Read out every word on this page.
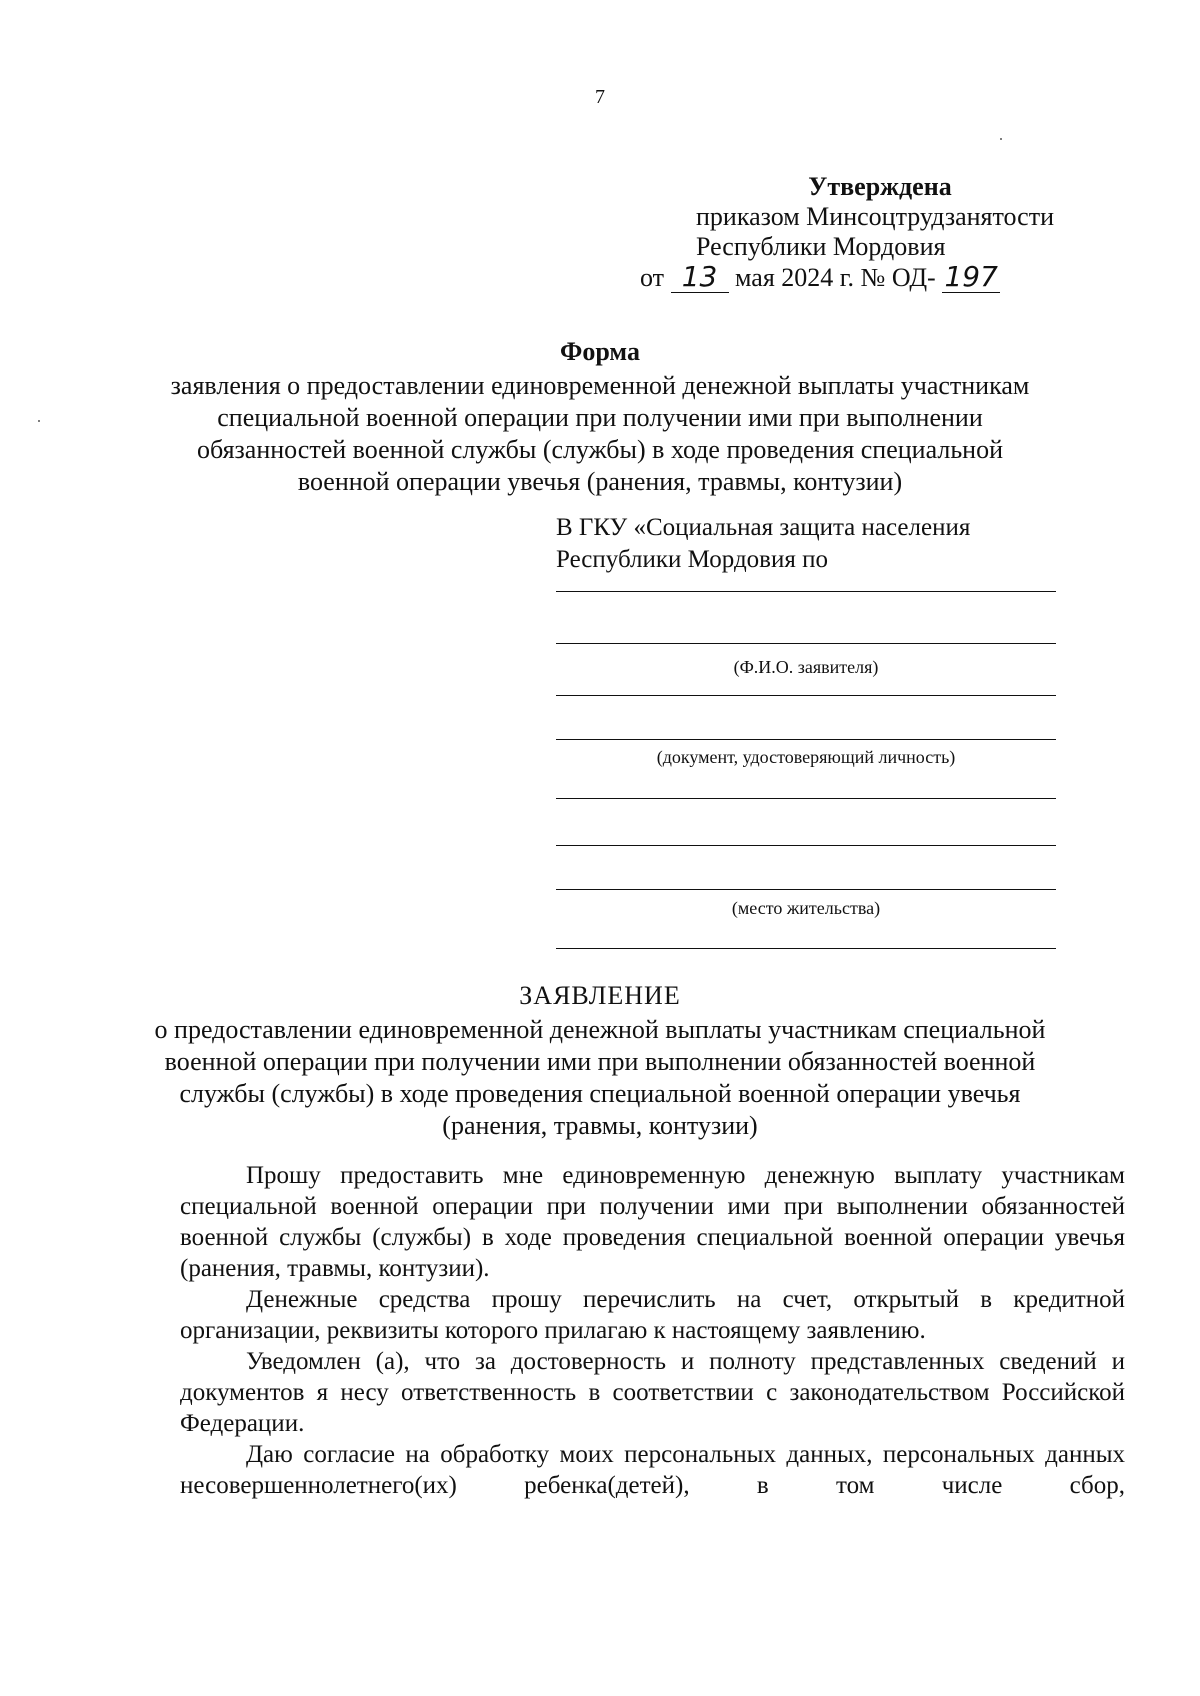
7
Утверждена
приказом Минсоцтрудзанятости
Республики Мордовия
от 13 мая 2024 г. № ОД- 197
Форма
заявления о предоставлении единовременной денежной выплаты участникам
специальной военной операции при получении ими при выполнении
обязанностей военной службы (службы) в ходе проведения специальной
военной операции увечья (ранения, травмы, контузии)
В ГКУ «Социальная защита населения
Республики Мордовия по
(Ф.И.О. заявителя)
(документ, удостоверяющий личность)
(место жительства)
ЗАЯВЛЕНИЕ
о предоставлении единовременной денежной выплаты участникам специальной
военной операции при получении ими при выполнении обязанностей военной
службы (службы) в ходе проведения специальной военной операции увечья
(ранения, травмы, контузии)

Прошу предоставить мне единовременную денежную выплату участникам специальной военной операции при получении ими при выполнении обязанностей военной службы (службы) в ходе проведения специальной военной операции увечья (ранения, травмы, контузии).

Денежные средства прошу перечислить на счет, открытый в кредитной организации, реквизиты которого прилагаю к настоящему заявлению.

Уведомлен (а), что за достоверность и полноту представленных сведений и документов я несу ответственность в соответствии с законодательством Российской Федерации.

Даю согласие на обработку моих персональных данных, персональных данных несовершеннолетнего(их) ребенка(детей), в том числе сбор,
